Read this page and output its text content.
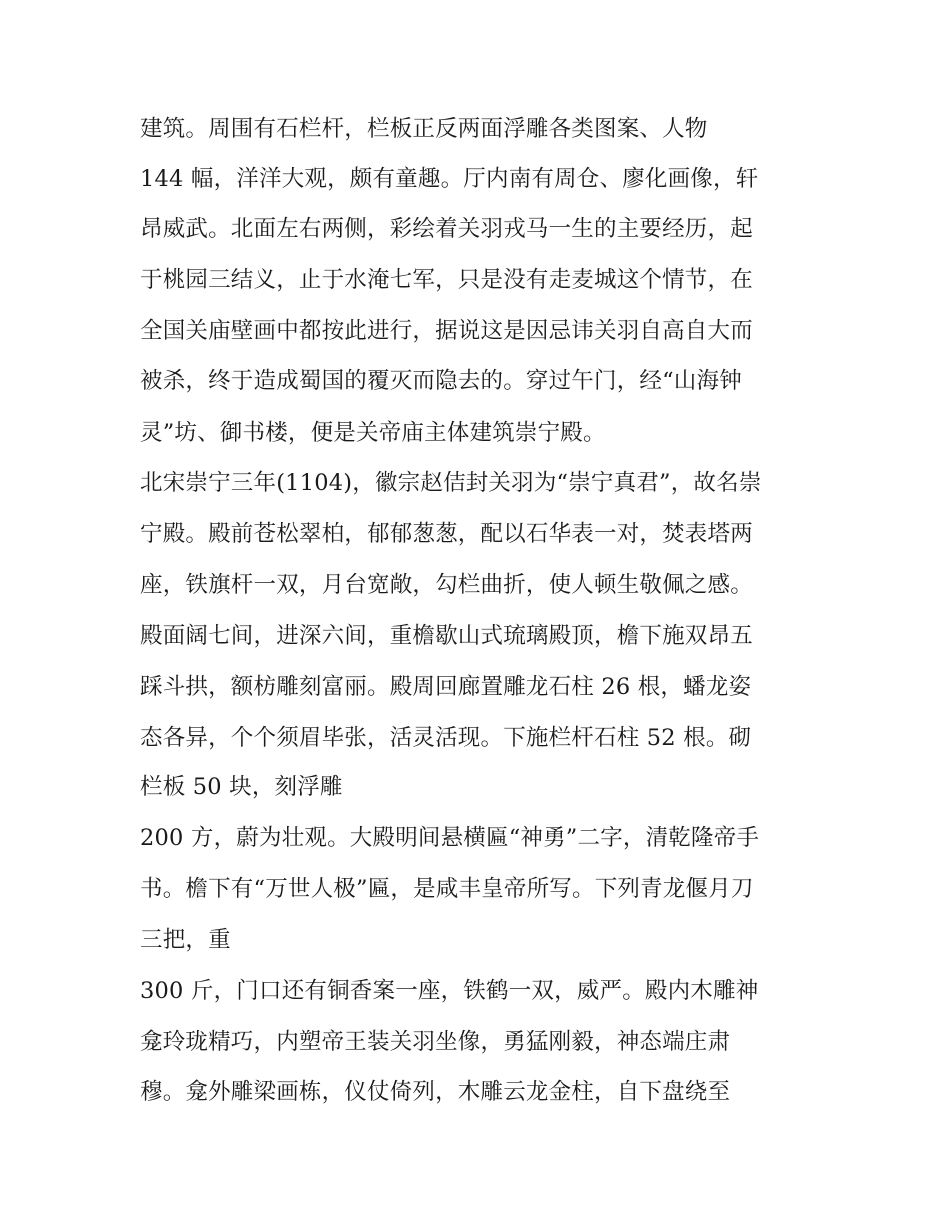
建筑。周围有石栏杆，栏板正反两面浮雕各类图案、人物
144 幅，洋洋大观，颇有童趣。厅内南有周仓、廖化画像，轩
昂威武。北面左右两侧，彩绘着关羽戎马一生的主要经历，起
于桃园三结义，止于水淹七军，只是没有走麦城这个情节，在
全国关庙壁画中都按此进行，据说这是因忌讳关羽自高自大而
被杀，终于造成蜀国的覆灭而隐去的。穿过午门，经“山海钟
灵”坊、御书楼，便是关帝庙主体建筑崇宁殿。
北宋崇宁三年(1104)，徽宗赵佶封关羽为“崇宁真君”，故名崇
宁殿。殿前苍松翠柏，郁郁葱葱，配以石华表一对，焚表塔两
座，铁旗杆一双，月台宽敞，勾栏曲折，使人顿生敬佩之感。
殿面阔七间，进深六间，重檐歇山式琉璃殿顶，檐下施双昂五
踩斗拱，额枋雕刻富丽。殿周回廊置雕龙石柱 26 根，蟠龙姿
态各异，个个须眉毕张，活灵活现。下施栏杆石柱 52 根。砌
栏板 50 块，刻浮雕
200 方，蔚为壮观。大殿明间悬横匾“神勇”二字，清乾隆帝手
书。檐下有“万世人极”匾，是咸丰皇帝所写。下列青龙偃月刀
三把，重
300 斤，门口还有铜香案一座，铁鹤一双，威严。殿内木雕神
龛玲珑精巧，内塑帝王装关羽坐像，勇猛刚毅，神态端庄肃
穆。龛外雕梁画栋，仪仗倚列，木雕云龙金柱，自下盘绕至
